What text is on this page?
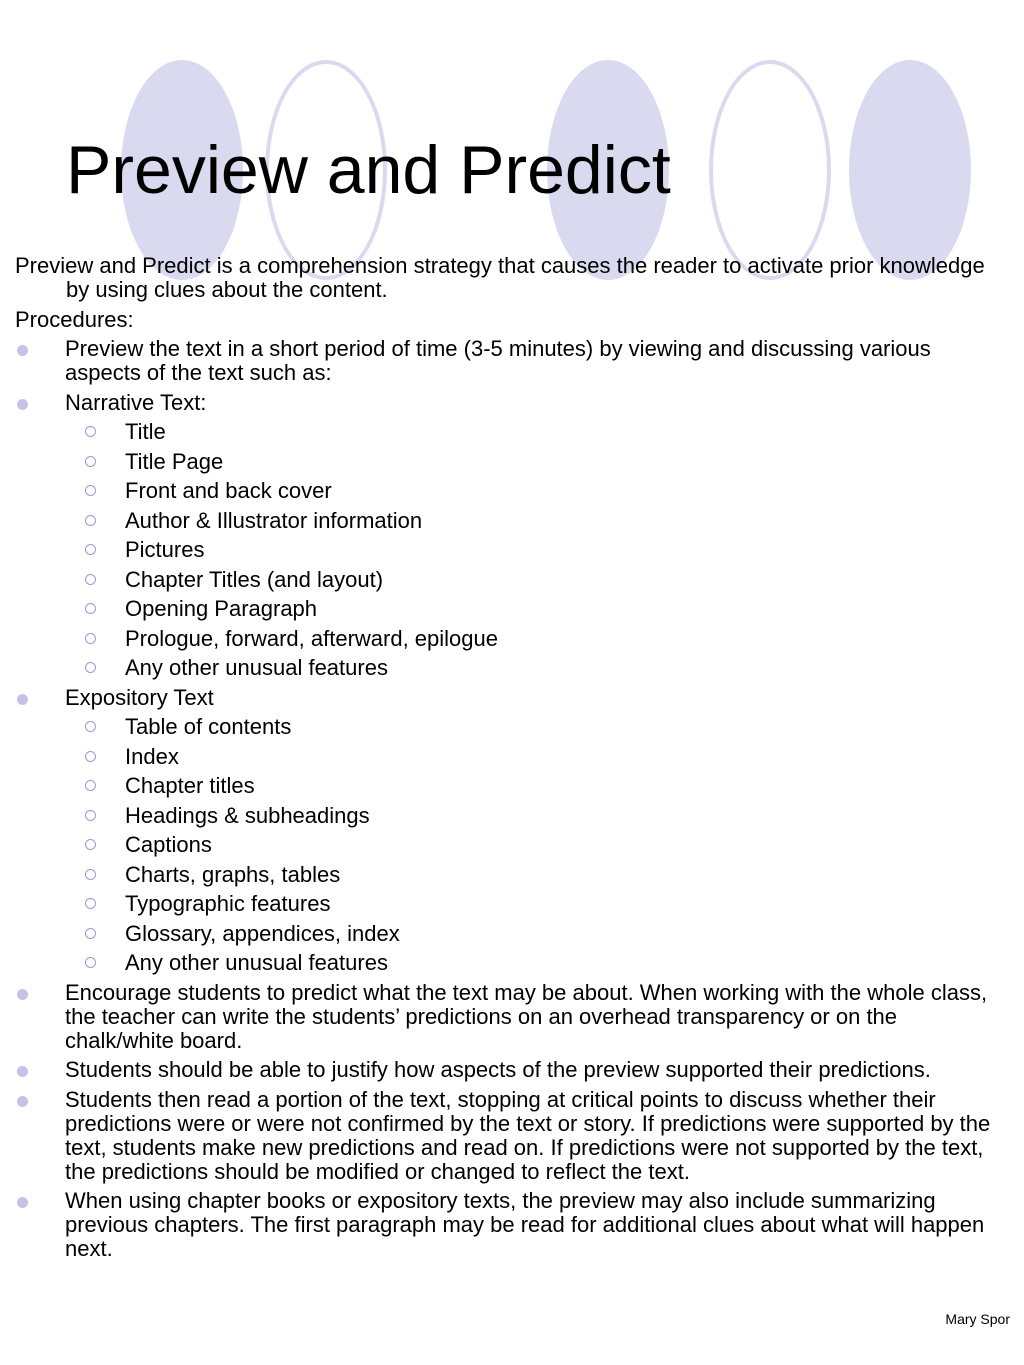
Preview and Predict
Preview and Predict is a comprehension strategy that causes the reader to activate prior knowledge by using clues about the content.
Procedures:
Preview the text in a short period of time (3-5 minutes) by viewing and discussing various aspects of the text such as:
Narrative Text:
Title
Title Page
Front and back cover
Author & Illustrator information
Pictures
Chapter Titles (and layout)
Opening Paragraph
Prologue, forward, afterward, epilogue
Any other unusual features
Expository Text
Table of contents
Index
Chapter titles
Headings & subheadings
Captions
Charts, graphs, tables
Typographic features
Glossary, appendices, index
Any other unusual features
Encourage students to predict what the text may be about. When working with the whole class, the teacher can write the students’ predictions on an overhead transparency or on the chalk/white board.
Students should be able to justify how aspects of the preview supported their predictions.
Students then read a portion of the text, stopping at critical points to discuss whether their predictions were or were not confirmed by the text or story. If predictions were supported by the text, students make new predictions and read on. If predictions were not supported by the text, the predictions should be modified or changed to reflect the text.
When using chapter books or expository texts, the preview may also include summarizing previous chapters. The first paragraph may be read for additional clues about what will happen next.
Mary Spor
